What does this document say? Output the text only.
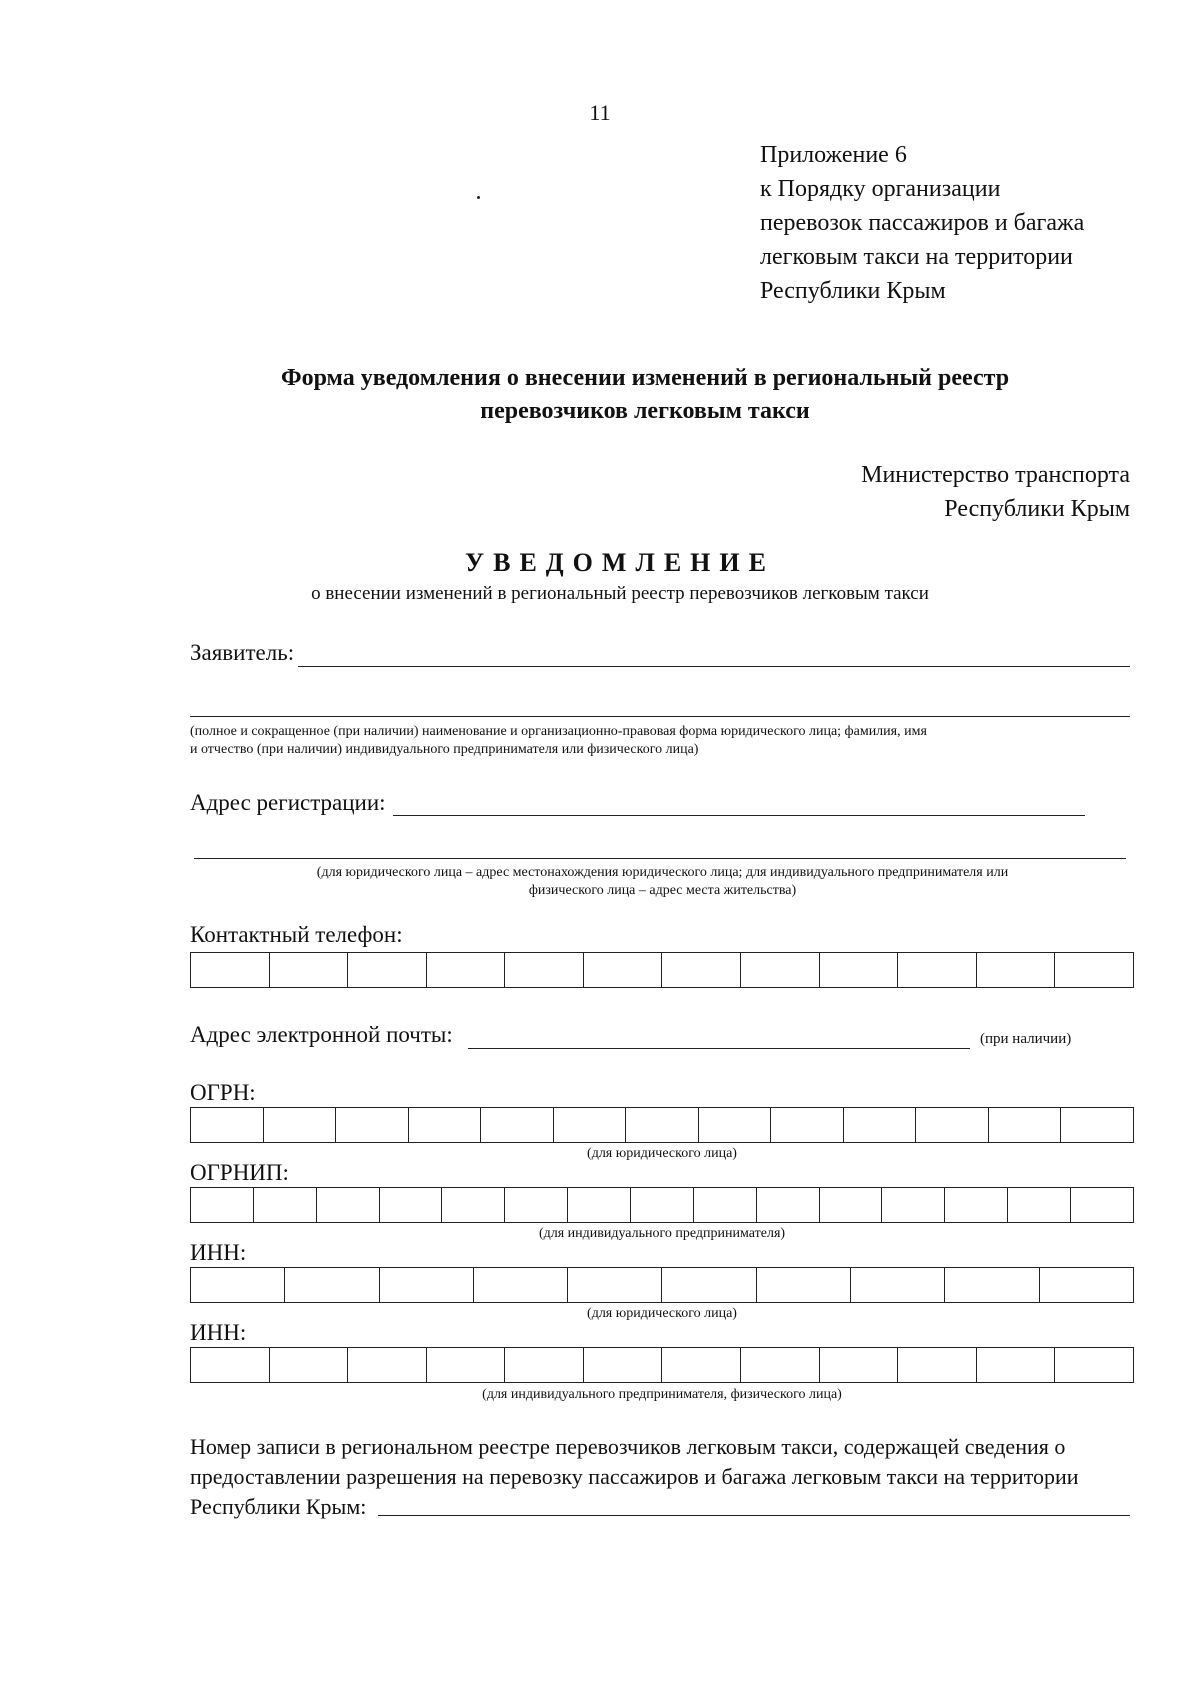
11
Приложение 6
к Порядку организации
перевозок пассажиров и багажа
легковым такси на территории
Республики Крым
Форма уведомления о внесении изменений в региональный реестр
перевозчиков легковым такси
Министерство транспорта
Республики Крым
УВЕДОМЛЕНИЕ
о внесении изменений в региональный реестр перевозчиков легковым такси
Заявитель:
(полное и сокращенное (при наличии) наименование и организационно-правовая форма юридического лица; фамилия, имя
и отчество (при наличии) индивидуального предпринимателя или физического лица)
Адрес регистрации:
(для юридического лица – адрес местонахождения юридического лица; для индивидуального предпринимателя или
физического лица – адрес места жительства)
Контактный телефон:
Адрес электронной почты:	(при наличии)
ОГРН:
(для юридического лица)
ОГРНИП:
(для индивидуального предпринимателя)
ИНН:
(для юридического лица)
ИНН:
(для индивидуального предпринимателя, физического лица)
Номер записи в региональном реестре перевозчиков легковым такси, содержащей сведения о
предоставлении разрешения на перевозку пассажиров и багажа легковым такси на территории
Республики Крым:
